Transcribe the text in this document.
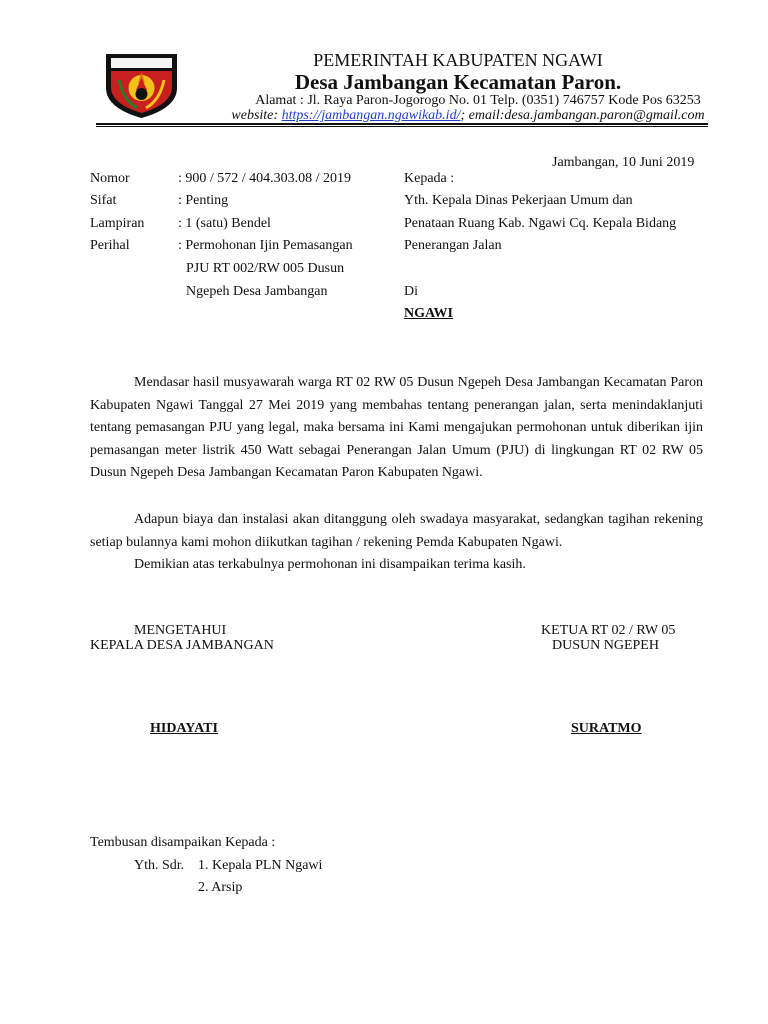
PEMERINTAH KABUPATEN NGAWI
Desa Jambangan Kecamatan Paron.
Alamat : Jl. Raya Paron-Jogorogo No. 01 Telp. (0351) 746757 Kode Pos 63253
website: https://jambangan.ngawikab.id/; email:desa.jambangan.paron@gmail.com
Jambangan, 10 Juni 2019
Nomor	: 900 / 572 / 404.303.08 / 2019
Sifat	: Penting
Lampiran : 1 (satu) Bendel
Perihal	: Permohonan Ijin Pemasangan
PJU RT 002/RW 005 Dusun
Ngepeh Desa Jambangan
Kepada :
Yth. Kepala Dinas Pekerjaan Umum dan
Penataan Ruang Kab. Ngawi Cq. Kepala Bidang
Penerangan Jalan
Di
NGAWI
Mendasar hasil musyawarah warga RT 02 RW 05 Dusun Ngepeh Desa Jambangan Kecamatan Paron Kabupaten Ngawi Tanggal 27 Mei 2019 yang membahas tentang penerangan jalan, serta menindaklanjuti tentang pemasangan PJU yang legal, maka bersama ini Kami mengajukan permohonan untuk diberikan ijin pemasangan meter listrik 450 Watt sebagai Penerangan Jalan Umum (PJU) di lingkungan RT 02 RW 05 Dusun Ngepeh Desa Jambangan Kecamatan Paron Kabupaten Ngawi.
Adapun biaya dan instalasi akan ditanggung oleh swadaya masyarakat, sedangkan tagihan rekening setiap bulannya kami mohon diikutkan tagihan / rekening Pemda Kabupaten Ngawi.
Demikian atas terkabulnya permohonan ini disampaikan terima kasih.
MENGETAHUI
KEPALA DESA JAMBANGAN
HIDAYATI
KETUA RT 02 / RW 05
DUSUN NGEPEH
SURATMO
Tembusan disampaikan Kepada :
Yth. Sdr. 1. Kepala PLN Ngawi
2. Arsip
